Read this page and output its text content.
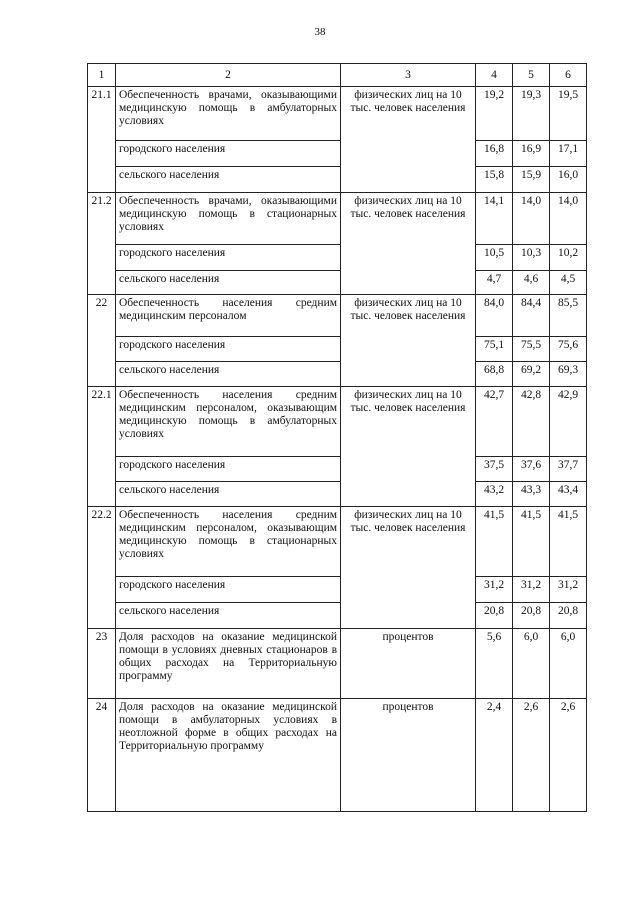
38
1	2	3	4	5	6
21.1	Обеспеченность врачами, оказывающими медицинскую помощь в амбулаторных условиях	физических лиц на 10 тыс. человек населения	19,2	19,3	19,5
	городского населения		16,8	16,9	17,1
	сельского населения		15,8	15,9	16,0
21.2	Обеспеченность врачами, оказывающими медицинскую помощь в стационарных условиях	физических лиц на 10 тыс. человек населения	14,1	14,0	14,0
	городского населения		10,5	10,3	10,2
	сельского населения		4,7	4,6	4,5
22	Обеспеченность населения средним медицинским персоналом	физических лиц на 10 тыс. человек населения	84,0	84,4	85,5
	городского населения		75,1	75,5	75,6
	сельского населения		68,8	69,2	69,3
22.1	Обеспеченность населения средним медицинским персоналом, оказывающим медицинскую помощь в амбулаторных условиях	физических лиц на 10 тыс. человек населения	42,7	42,8	42,9
	городского населения		37,5	37,6	37,7
	сельского населения		43,2	43,3	43,4
22.2	Обеспеченность населения средним медицинским персоналом, оказывающим медицинскую помощь в стационарных условиях	физических лиц на 10 тыс. человек населения	41,5	41,5	41,5
	городского населения		31,2	31,2	31,2
	сельского населения		20,8	20,8	20,8
23	Доля расходов на оказание медицинской помощи в условиях дневных стационаров в общих расходах на Территориальную программу	процентов	5,6	6,0	6,0
24	Доля расходов на оказание медицинской помощи в амбулаторных условиях в неотложной форме в общих расходах на Территориальную программу	процентов	2,4	2,6	2,6
